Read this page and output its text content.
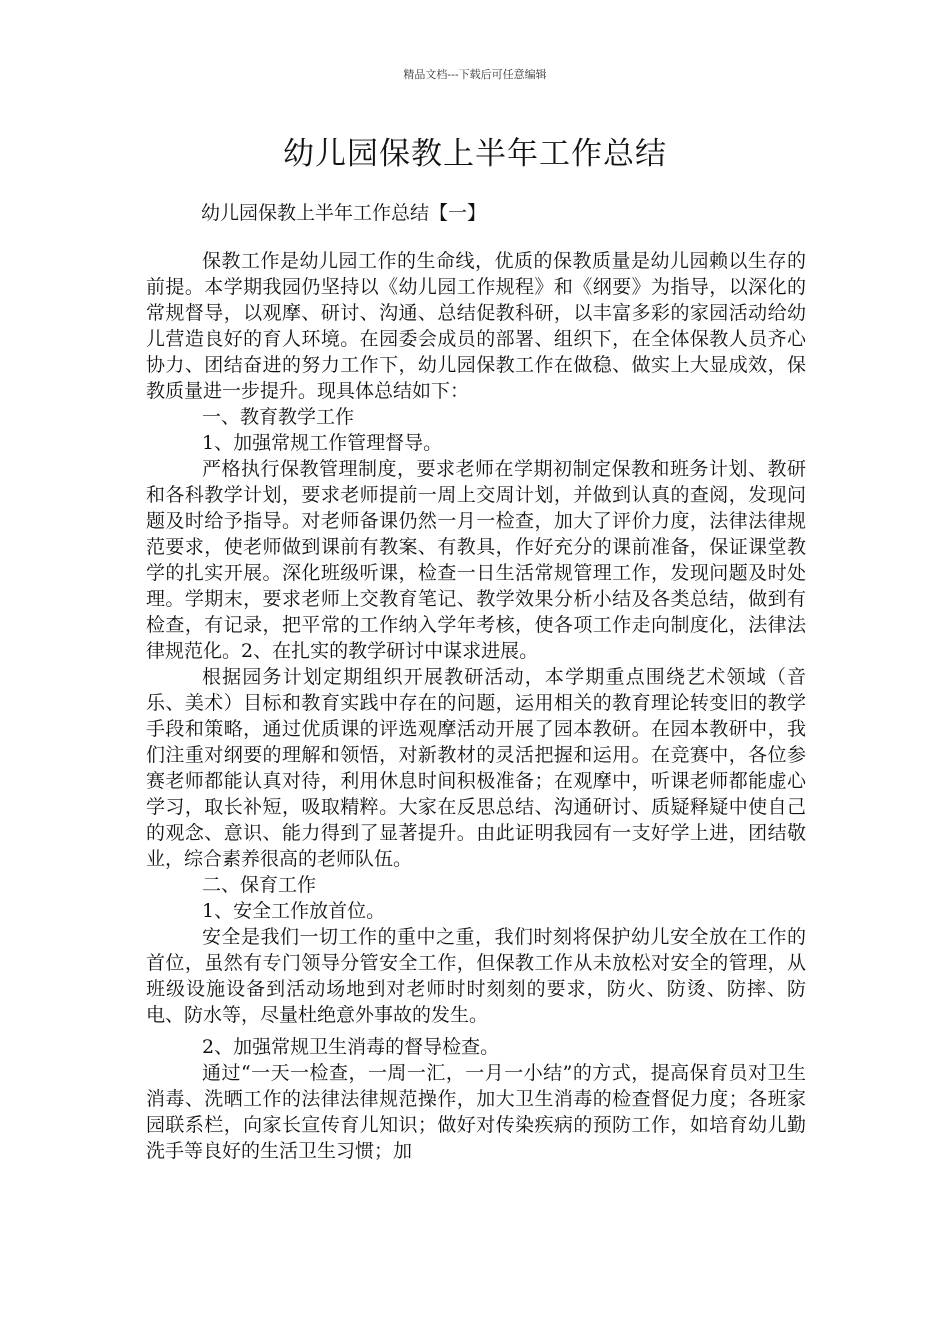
精品文档---下载后可任意编辑
幼儿园保教上半年工作总结

幼儿园保教上半年工作总结【一】

保教工作是幼儿园工作的生命线，优质的保教质量是幼儿园赖以生存的前提。本学期我园仍坚持以《幼儿园工作规程》和《纲要》为指导，以深化的常规督导，以观摩、研讨、沟通、总结促教科研，以丰富多彩的家园活动给幼儿营造良好的育人环境。在园委会成员的部署、组织下，在全体保教人员齐心协力、团结奋进的努力工作下，幼儿园保教工作在做稳、做实上大显成效，保教质量进一步提升。现具体总结如下：

一、教育教学工作

1、加强常规工作管理督导。

严格执行保教管理制度，要求老师在学期初制定保教和班务计划、教研和各科教学计划，要求老师提前一周上交周计划，并做到认真的查阅，发现问题及时给予指导。对老师备课仍然一月一检查，加大了评价力度，法律法律规范要求，使老师做到课前有教案、有教具，作好充分的课前准备，保证课堂教学的扎实开展。深化班级听课，检查一日生活常规管理工作，发现问题及时处理。学期末，要求老师上交教育笔记、教学效果分析小结及各类总结，做到有检查，有记录，把平常的工作纳入学年考核，使各项工作走向制度化，法律法律规范化。2、在扎实的教学研讨中谋求进展。

根据园务计划定期组织开展教研活动，本学期重点围绕艺术领域（音乐、美术）目标和教育实践中存在的问题，运用相关的教育理论转变旧的教学手段和策略，通过优质课的评选观摩活动开展了园本教研。在园本教研中，我们注重对纲要的理解和领悟，对新教材的灵活把握和运用。在竞赛中，各位参赛老师都能认真对待，利用休息时间积极准备；在观摩中，听课老师都能虚心学习，取长补短，吸取精粹。大家在反思总结、沟通研讨、质疑释疑中使自己的观念、意识、能力得到了显著提升。由此证明我园有一支好学上进，团结敬业，综合素养很高的老师队伍。

二、保育工作

1、安全工作放首位。

安全是我们一切工作的重中之重，我们时刻将保护幼儿安全放在工作的首位，虽然有专门领导分管安全工作，但保教工作从未放松对安全的管理，从班级设施设备到活动场地到对老师时时刻刻的要求，防火、防烫、防摔、防电、防水等，尽量杜绝意外事故的发生。

2、加强常规卫生消毒的督导检查。

通过“一天一检查，一周一汇，一月一小结”的方式，提高保育员对卫生消毒、洗晒工作的法律法律规范操作，加大卫生消毒的检查督促力度；各班家园联系栏，向家长宣传育儿知识；做好对传染疾病的预防工作，如培育幼儿勤洗手等良好的生活卫生习惯；加
